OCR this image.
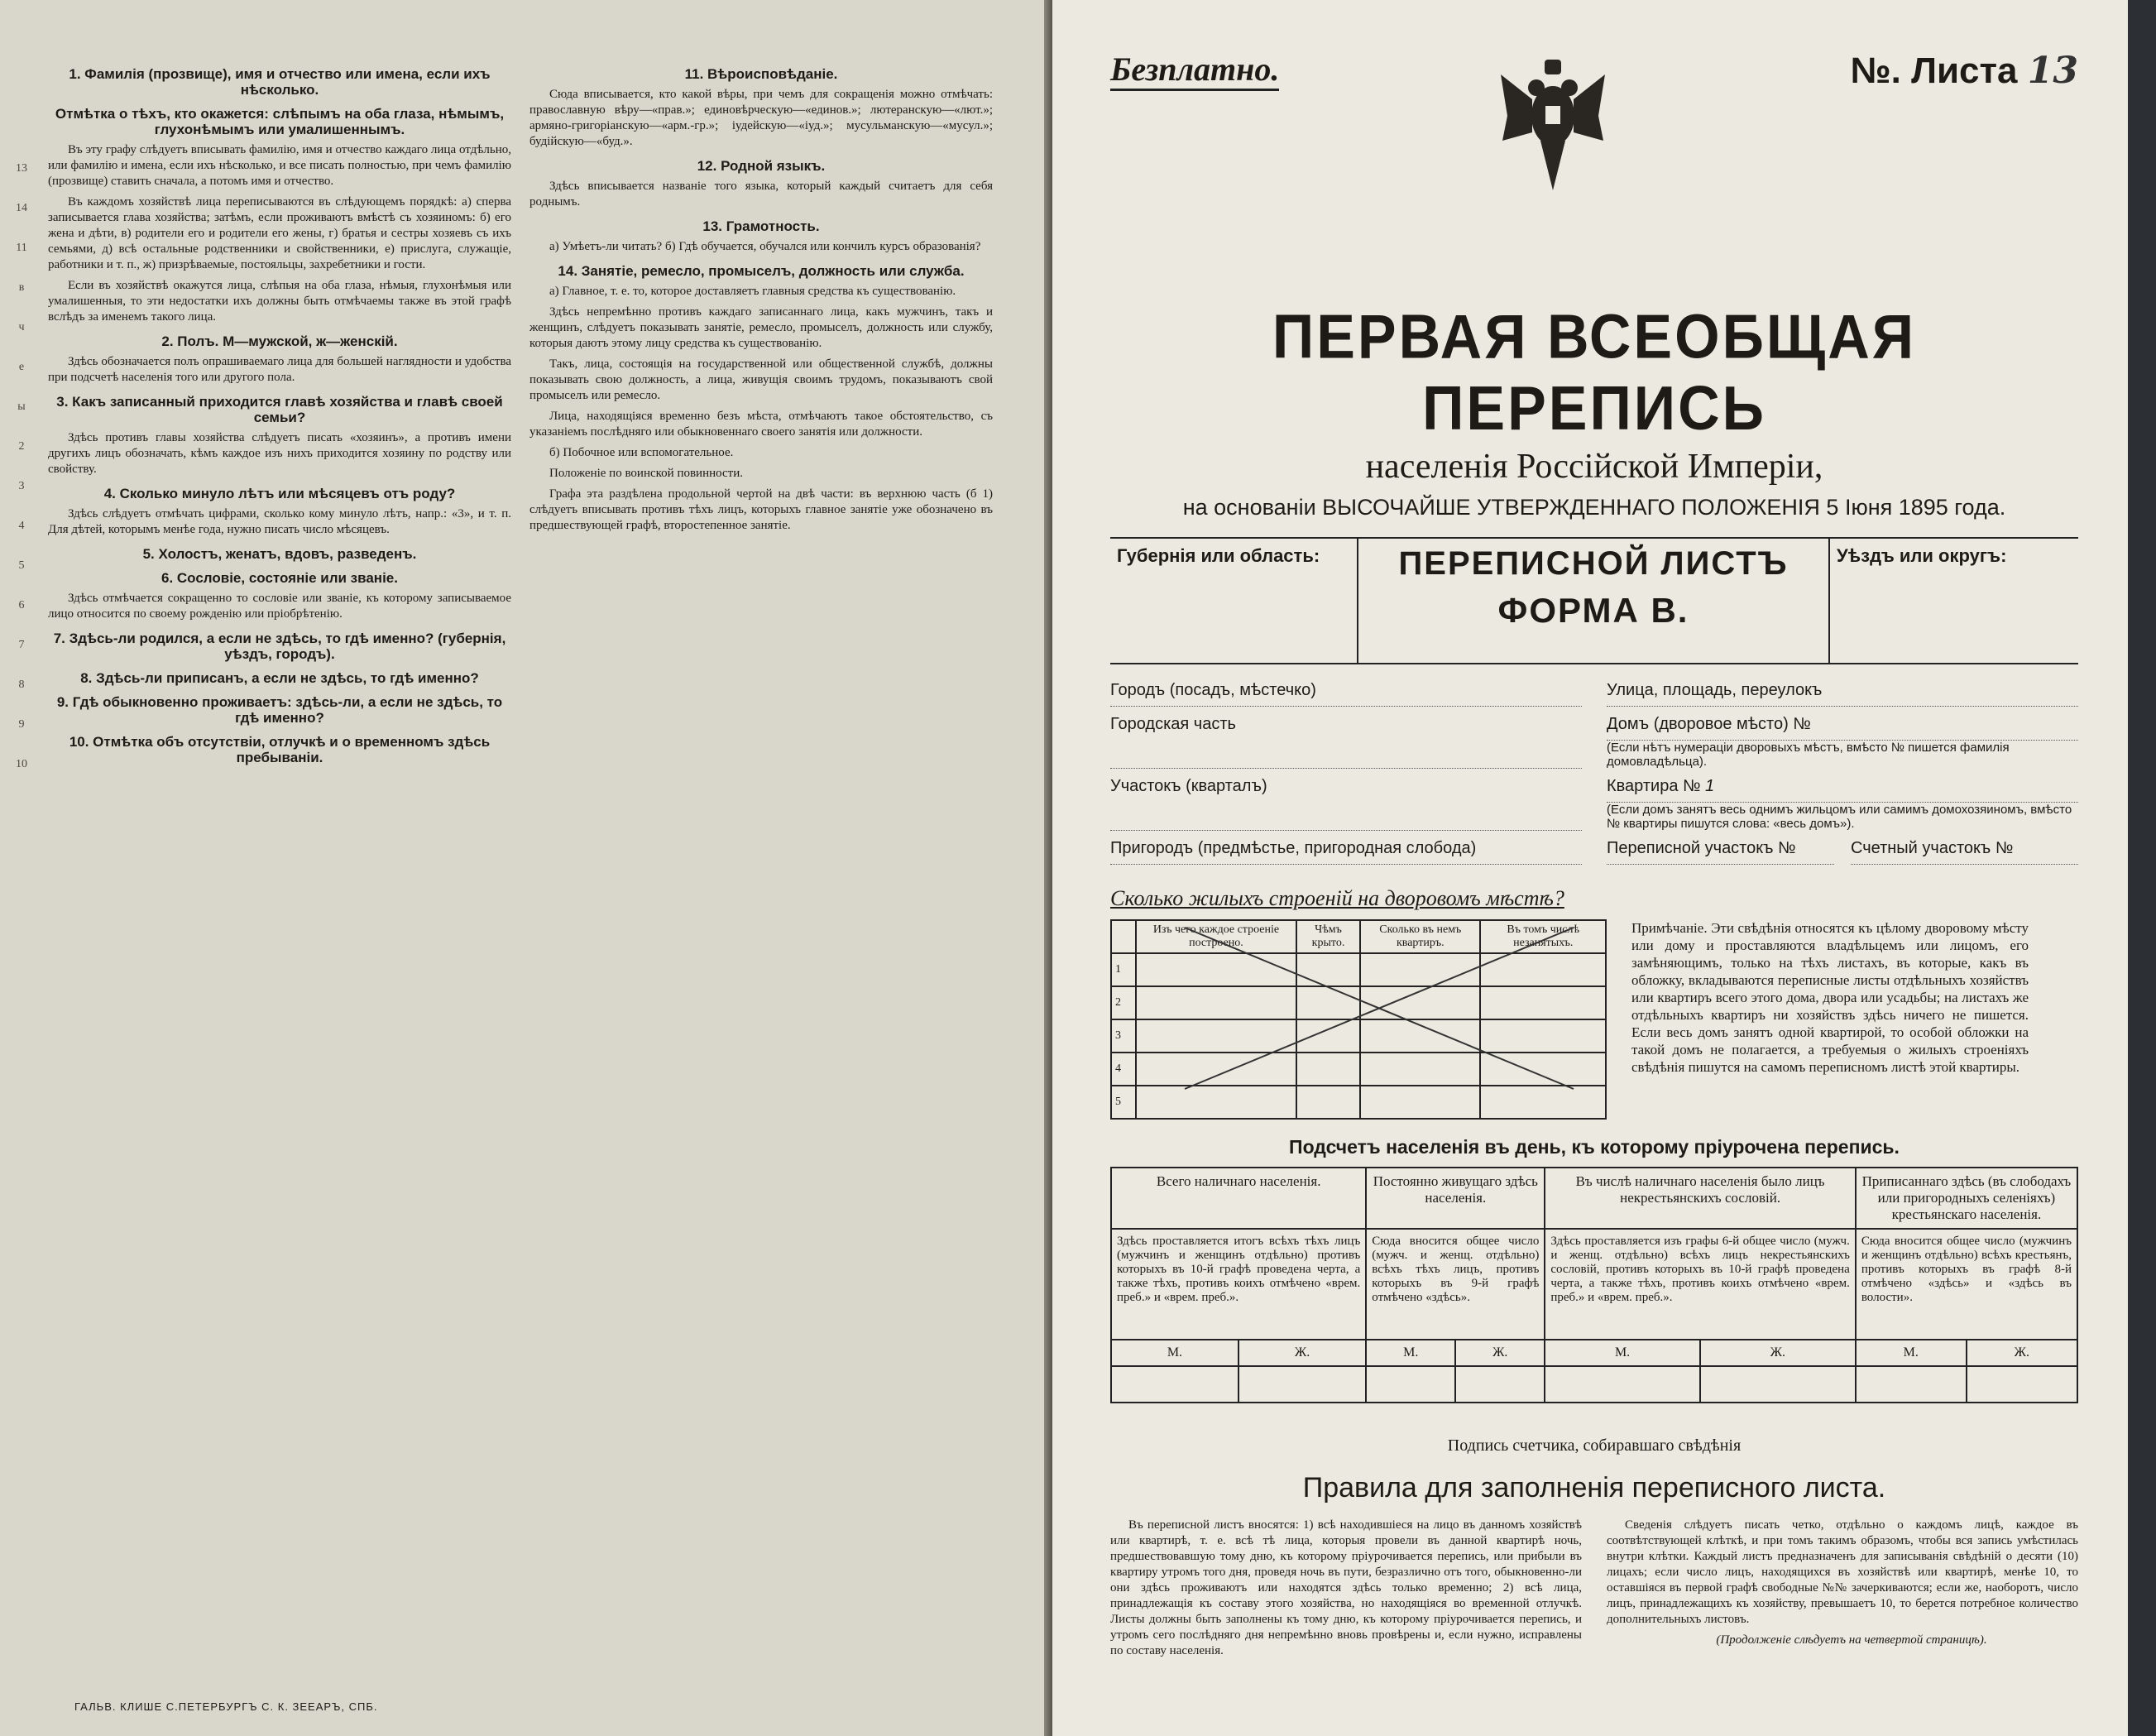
13
14
11
в
ч
е
ы
2
3
4
5
6
7
8
9
10
1. Фамилія (прозвище), имя и отчество или имена, если ихъ нѣсколько.
Отмѣтка о тѣхъ, кто окажется: слѣпымъ на оба глаза, нѣмымъ, глухонѣмымъ или умалишеннымъ.

Въ эту графу слѣдуетъ вписывать фамилію, имя и отчество каждаго лица отдѣльно, или фамилію и имена, если ихъ нѣсколько, и все писать полностью, при чемъ фамилію (прозвище) ставить сначала, а потомъ имя и отчество.

Въ каждомъ хозяйствѣ лица переписываются въ слѣдующемъ порядкѣ: а) сперва записывается глава хозяйства; затѣмъ, если проживаютъ вмѣстѣ съ хозяиномъ: б) его жена и дѣти, в) родители его и родители его жены, г) братья и сестры хозяевъ съ ихъ семьями, д) всѣ остальные родственники и свойственники, е) прислуга, служащіе, работники и т. п., ж) призрѣваемые, постояльцы, захребетники и гости.

Если въ хозяйствѣ окажутся лица, слѣпыя на оба глаза, нѣмыя, глухонѣмыя или умалишенныя, то эти недостатки ихъ должны быть отмѣчаемы также въ этой графѣ вслѣдъ за именемъ такого лица.

2. Полъ. М—мужской, ж—женскій.

Здѣсь обозначается полъ опрашиваемаго лица для большей наглядности и удобства при подсчетѣ населенія того или другого пола.

3. Какъ записанный приходится главѣ хозяйства и главѣ своей семьи?

Здѣсь противъ главы хозяйства слѣдуетъ писать «хозяинъ», а противъ имени другихъ лицъ обозначать, кѣмъ каждое изъ нихъ приходится хозяину по родству или свойству.

4. Сколько минуло лѣтъ или мѣсяцевъ отъ роду?

Здѣсь слѣдуетъ отмѣчать цифрами, сколько кому минуло лѣтъ, напр.: «3», и т. п. Для дѣтей, которымъ менѣе года, нужно писать число мѣсяцевъ.

5. Холостъ, женатъ, вдовъ, разведенъ.
6. Сословіе, состояніе или званіе.

Здѣсь отмѣчается сокращенно то сословіе или званіе, къ которому записываемое лицо относится по своему рожденію или пріобрѣтенію.

7. Здѣсь-ли родился, а если не здѣсь, то гдѣ именно? (губернія, уѣздъ, городъ).
8. Здѣсь-ли приписанъ, а если не здѣсь, то гдѣ именно?
9. Гдѣ обыкновенно проживаетъ: здѣсь-ли, а если не здѣсь, то гдѣ именно?
10. Отмѣтка объ отсутствіи, отлучкѣ и о временномъ здѣсь пребываніи.
11. Вѣроисповѣданіе.

Сюда вписывается, кто какой вѣры, при чемъ для сокращенія можно отмѣчать: православную вѣру—«прав.»; единовѣрческую—«единов.»; лютеранскую—«лют.»; армяно-григоріанскую—«арм.-гр.»; іудейскую—«іуд.»; мусульманскую—«мусул.»; будійскую—«буд.».

12. Родной языкъ.

Здѣсь вписывается названіе того языка, который каждый считаетъ для себя роднымъ.

13. Грамотность.

а) Умѣетъ-ли читать? б) Гдѣ обучается, обучался или кончилъ курсъ образованія?

14. Занятіе, ремесло, промыселъ, должность или служба.

а) Главное, т. е. то, которое доставляетъ главныя средства къ существованію.

Здѣсь непремѣнно противъ каждаго записаннаго лица, какъ мужчинъ, такъ и женщинъ, слѣдуетъ показывать занятіе, ремесло, промыселъ, должность или службу, которыя даютъ этому лицу средства къ существованію.

Такъ, лица, состоящія на государственной или общественной службѣ, должны показывать свою должность, а лица, живущія своимъ трудомъ, показываютъ свой промыселъ или ремесло.

Лица, находящіяся временно безъ мѣста, отмѣчаютъ такое обстоятельство, съ указаніемъ послѣдняго или обыкновеннаго своего занятія или должности.

б) Побочное или вспомогательное.

Положеніе по воинской повинности.

Графа эта раздѣлена продольной чертой на двѣ части: въ верхнюю часть (б 1) слѣдуетъ вписывать противъ тѣхъ лицъ, которыхъ главное занятіе уже обозначено въ предшествующей графѣ, второстепенное занятіе.

ГАЛЬВ. КЛИШЕ С.ПЕТЕРБУРГЪ С. К. ЗЕЕАРЪ, СПБ.
Безплатно.	№. Листа 13
ПЕРВАЯ ВСЕОБЩАЯ ПЕРЕПИСЬ
населенія Россійской Имперіи,
на основаніи ВЫСОЧАЙШЕ УТВЕРЖДЕННАГО ПОЛОЖЕНІЯ 5 Іюня 1895 года.
Губернія или область:	ПЕРЕПИСНОЙ ЛИСТЪ
ФОРМА В.
Уѣздъ или округъ:
Городъ (посадъ, мѣстечко)	Улица, площадь, переулокъ
Городская часть	Домъ (дворовое мѣсто) №
(Если нѣтъ нумераціи дворовыхъ мѣстъ, вмѣсто № пишется фамилія домовладѣльца).
Участокъ (кварталъ)	Квартира № 1
(Если домъ занятъ весь однимъ жильцомъ или самимъ домохозяиномъ, вмѣсто № квартиры пишутся слова: «весь домъ»).
Пригородъ (предмѣстье, пригородная слобода)	Переписной участокъ №	Счетный участокъ №
Сколько жилыхъ строеній на дворовомъ мѣстѣ?
	Изъ чего каждое строеніе построено.	Чѣмъ крыто.	Сколько въ немъ квартиръ.	Въ томъ числѣ незанятыхъ.
1				
2				
3				
4				
5				
Примѣчаніе. Эти свѣдѣнія относятся къ цѣлому дворовому мѣсту или дому и проставляются владѣльцемъ или лицомъ, его замѣняющимъ, только на тѣхъ листахъ, въ которые, какъ въ обложку, вкладываются переписные листы отдѣльныхъ хозяйствъ или квартиръ всего этого дома, двора или усадьбы; на листахъ же отдѣльныхъ квартиръ ни хозяйствъ здѣсь ничего не пишется. Если весь домъ занятъ одной квартирой, то особой обложки на такой домъ не полагается, а требуемыя о жилыхъ строеніяхъ свѣдѣнія пишутся на самомъ переписномъ листѣ этой квартиры.
Подсчетъ населенія въ день, къ которому пріурочена перепись.
Всего наличнаго населенія.		Постоянно живущаго здѣсь населенія.		Въ числѣ наличнаго населенія было лицъ некрестьянскихъ сословій.		Приписаннаго здѣсь (въ слободахъ или пригородныхъ селеніяхъ) крестьянскаго населенія.	
Здѣсь проставляется итогъ всѣхъ тѣхъ лицъ (мужчинъ и женщинъ отдѣльно) противъ которыхъ въ 10-й графѣ проведена черта, а также тѣхъ, противъ коихъ отмѣчено «врем. преб.» и «врем. преб.».		Сюда вносится общее число (мужч. и женщ. отдѣльно) всѣхъ тѣхъ лицъ, противъ которыхъ въ 9-й графѣ отмѣчено «здѣсь».		Здѣсь проставляется изъ графы 6-й общее число (мужч. и женщ. отдѣльно) всѣхъ лицъ некрестьянскихъ сословій, противъ которыхъ въ 10-й графѣ проведена черта, а также тѣхъ, противъ коихъ отмѣчено «врем. преб.» и «врем. преб.».		Сюда вносится общее число (мужчинъ и женщинъ отдѣльно) всѣхъ крестьянъ, противъ которыхъ въ графѣ 8-й отмѣчено «здѣсь» и «здѣсь въ волости».	
М.	Ж.	М.	Ж.	М.	Ж.	М.	Ж.

Подпись счетчика, собиравшаго свѣдѣнія
Правила для заполненія переписного листа.

Въ переписной листъ вносятся: 1) всѣ находившіеся на лицо въ данномъ хозяйствѣ или квартирѣ, т. е. всѣ тѣ лица, которыя провели въ данной квартирѣ ночь, предшествовавшую тому дню, къ которому пріурочивается перепись, или прибыли въ квартиру утромъ того дня, проведя ночь въ пути, безразлично отъ того, обыкновенно-ли они здѣсь проживаютъ или находятся здѣсь только временно; 2) всѣ лица, принадлежащія къ составу этого хозяйства, но находящіяся во временной отлучкѣ. Листы должны быть заполнены къ тому дню, къ которому пріурочивается перепись, и утромъ сего послѣдняго дня непремѣнно вновь провѣрены и, если нужно, исправлены по составу населенія.

Сведенія слѣдуетъ писать четко, отдѣльно о каждомъ лицѣ, каждое въ соотвѣтствующей клѣткѣ, и при томъ такимъ образомъ, чтобы вся запись умѣстилась внутри клѣтки. Каждый листъ предназначенъ для записыванія свѣдѣній о десяти (10) лицахъ; если число лицъ, находящихся въ хозяйствѣ или квартирѣ, менѣе 10, то оставшіяся въ первой графѣ свободные №№ зачеркиваются; если же, наоборотъ, число лицъ, принадлежащихъ къ хозяйству, превышаетъ 10, то берется потребное количество дополнительныхъ листовъ.

(Продолженіе слѣдуетъ на четвертой страницѣ).
